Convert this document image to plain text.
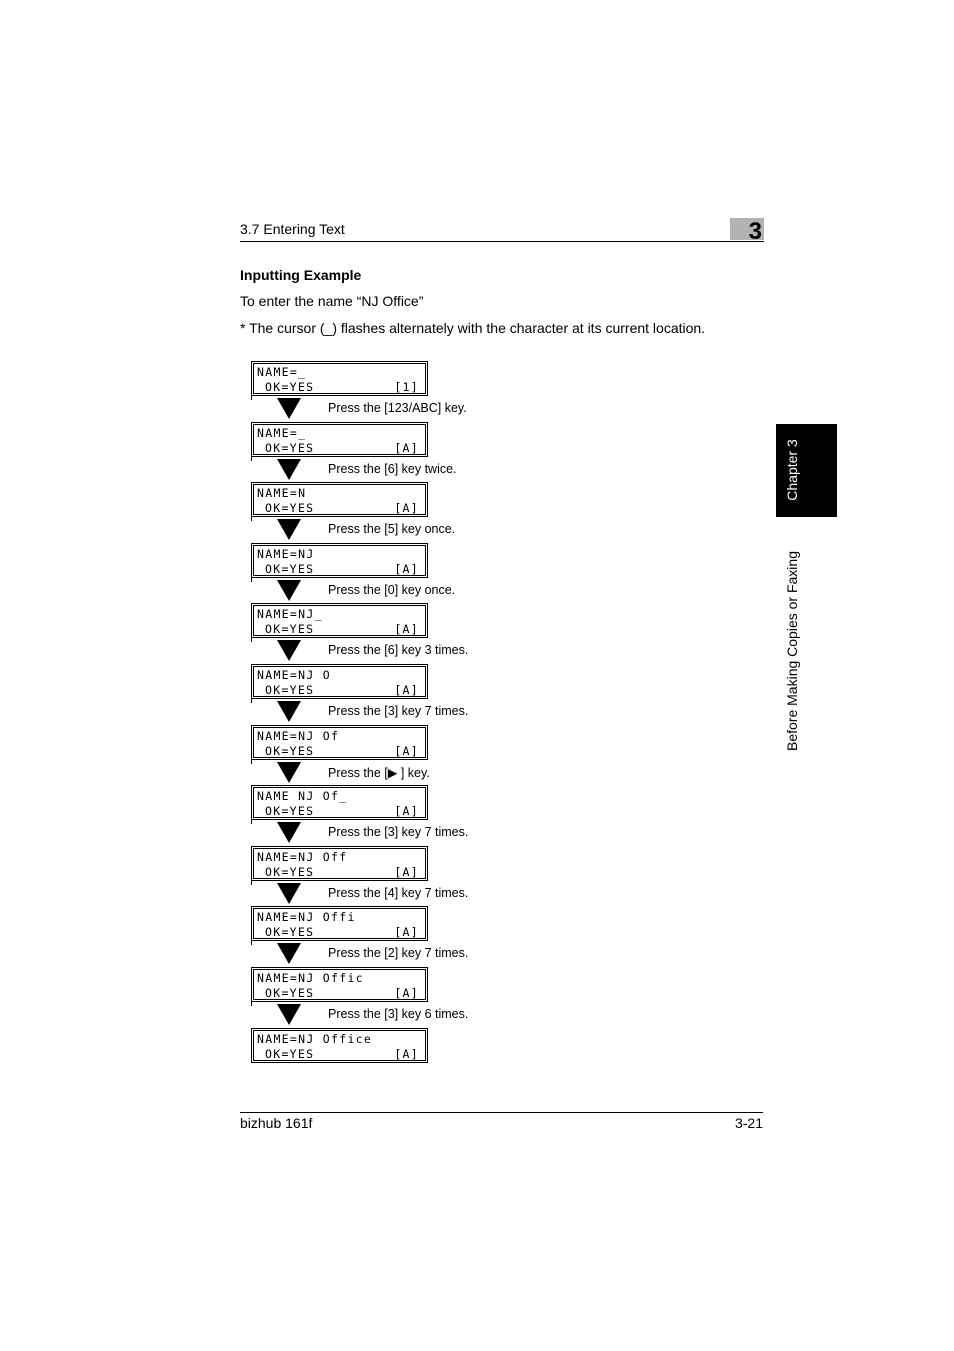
3.7 Entering Text	3
Inputting Example
To enter the name “NJ Office”
* The cursor (_) flashes alternately with the character at its current location.
Chapter 3
Before Making Copies or Faxing
NAME=_
OK=YES	[1]
Press the [123/ABC] key.
NAME=_
OK=YES	[A]
Press the [6] key twice.
NAME=N
OK=YES	[A]
Press the [5] key once.
NAME=NJ
OK=YES	[A]
Press the [0] key once.
NAME=NJ_
OK=YES	[A]
Press the [6] key 3 times.
NAME=NJ O
OK=YES	[A]
Press the [3] key 7 times.
NAME=NJ Of
OK=YES	[A]
Press the [▶ ] key.
NAME NJ Of_
OK=YES	[A]
Press the [3] key 7 times.
NAME=NJ Off
OK=YES	[A]
Press the [4] key 7 times.
NAME=NJ Offi
OK=YES	[A]
Press the [2] key 7 times.
NAME=NJ Offic
OK=YES	[A]
Press the [3] key 6 times.
NAME=NJ Office
OK=YES	[A]
bizhub 161f	3-21
